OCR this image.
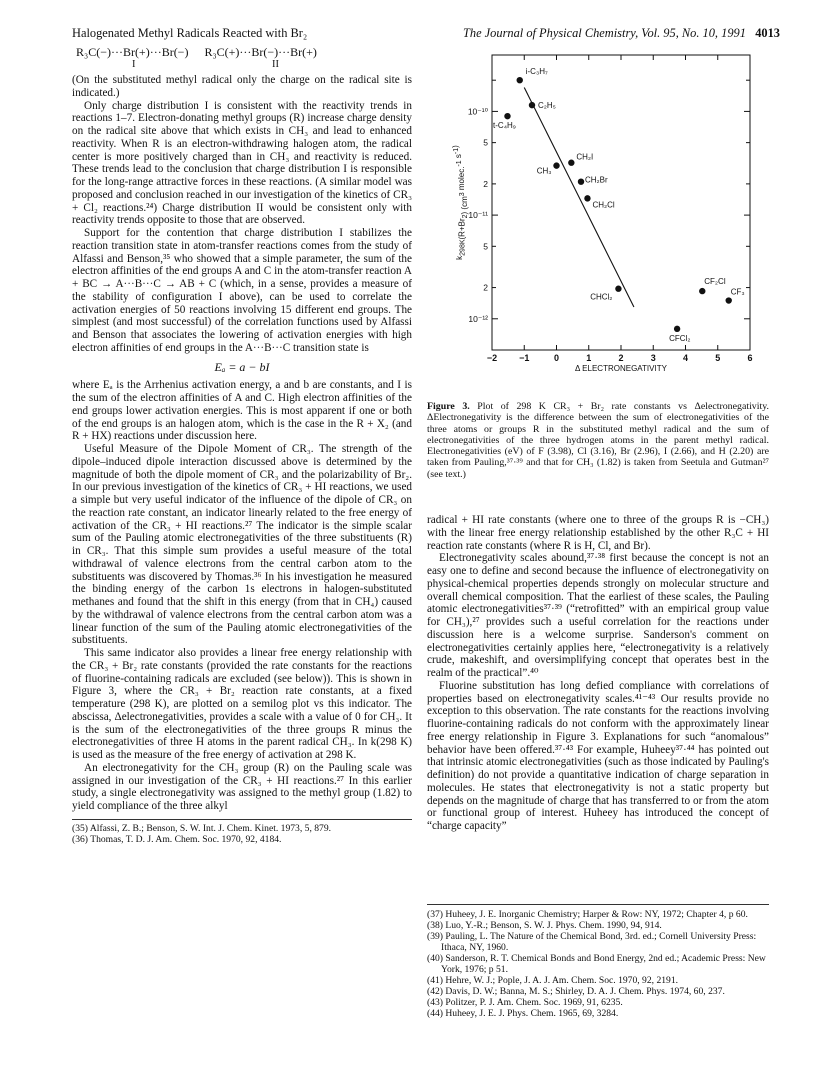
Halogenated Methyl Radicals Reacted with Br₂	The Journal of Physical Chemistry, Vol. 95, No. 10, 1991 4013
R₃C(−)···Br(+)···Br(−) R₃C(+)···Br(−)···Br(+)
I	II

(On the substituted methyl radical only the charge on the radical site is indicated.)

Only charge distribution I is consistent with the reactivity trends in reactions 1–7. Electron-donating methyl groups (R) increase charge density on the radical site above that which exists in CH₃ and lead to enhanced reactivity. When R is an electron-withdrawing halogen atom, the radical center is more positively charged than in CH₃ and reactivity is reduced. These trends lead to the conclusion that charge distribution I is responsible for the long-range attractive forces in these reactions. (A similar model was proposed and conclusion reached in our investigation of the kinetics of CR₃ + Cl₂ reactions.²⁴) Charge distribution II would be consistent only with reactivity trends opposite to those that are observed.

Support for the contention that charge distribution I stabilizes the reaction transition state in atom-transfer reactions comes from the study of Alfassi and Benson,³⁵ who showed that a simple parameter, the sum of the electron affinities of the end groups A and C in the atom-transfer reaction A + BC → A···B···C → AB + C (which, in a sense, provides a measure of the stability of configuration I above), can be used to correlate the activation energies of 50 reactions involving 15 different end groups. The simplest (and most successful) of the correlation functions used by Alfassi and Benson that associates the lowering of activation energies with high electron affinities of end groups in the A···B···C transition state is

Eₐ = a − bI

where Eₐ is the Arrhenius activation energy, a and b are constants, and I is the sum of the electron affinities of A and C. High electron affinities of the end groups lower activation energies. This is most apparent if one or both of the end groups is an halogen atom, which is the case in the R + X₂ (and R + HX) reactions under discussion here.

Useful Measure of the Dipole Moment of CR₃. The strength of the dipole–induced dipole interaction discussed above is determined by the magnitude of both the dipole moment of CR₃ and the polarizability of Br₂. In our previous investigation of the kinetics of CR₃ + HI reactions, we used a simple but very useful indicator of the influence of the dipole of CR₃ on the reaction rate constant, an indicator linearly related to the free energy of activation of the CR₃ + HI reactions.²⁷ The indicator is the simple scalar sum of the Pauling atomic electronegativities of the three substituents (R) in CR₃. That this simple sum provides a useful measure of the total withdrawal of valence electrons from the central carbon atom to the substituents was discovered by Thomas.³⁶ In his investigation he measured the binding energy of the carbon 1s electrons in halogen-substituted methanes and found that the shift in this energy (from that in CH₄) caused by the withdrawal of valence electrons from the central carbon atom was a linear function of the sum of the Pauling atomic electronegativities of the substituents.

This same indicator also provides a linear free energy relationship with the CR₃ + Br₂ rate constants (provided the rate constants for the reactions of fluorine-containing radicals are excluded (see below)). This is shown in Figure 3, where the CR₃ + Br₂ reaction rate constants, at a fixed temperature (298 K), are plotted on a semilog plot vs this indicator. The abscissa, Δelectronegativities, provides a scale with a value of 0 for CH₃. It is the sum of the electronegativities of the three groups R minus the electronegativities of three H atoms in the parent radical CH₃. In k(298 K) is used as the measure of the free energy of activation at 298 K.

An electronegativity for the CH₃ group (R) on the Pauling scale was assigned in our investigation of the CR₃ + HI reactions.²⁷ In this earlier study, a single electronegativity was assigned to the methyl group (1.82) to yield compliance of the three alkyl

(35) Alfassi, Z. B.; Benson, S. W. Int. J. Chem. Kinet. 1973, 5, 879.
(36) Thomas, T. D. J. Am. Chem. Soc. 1970, 92, 4184.
−2 −1	0	1	2	3	4	5	6
Δ ELECTRONEGATIVITY
10⁻¹⁰
5
2
10⁻¹¹
5
2
10⁻¹²
k298K(R+Br2) (cm3 molec.-1 s-1)
i-C₃H₇
C₂H₅
t-C₄H₉
CH₃
CH₂I
CH₂Br
CH₂Cl
CHCl₂
CF₂Cl
CF₃
CFCl₂
Figure 3. Plot of 298 K CR₃ + Br₂ rate constants vs Δelectronegativity. ΔElectronegativity is the difference between the sum of electronegativities of the three atoms or groups R in the substituted methyl radical and the sum of electronegativities of the three hydrogen atoms in the parent methyl radical. Electronegativities (eV) of F (3.98), Cl (3.16), Br (2.96), I (2.66), and H (2.20) are taken from Pauling,³⁷·³⁹ and that for CH₃ (1.82) is taken from Seetula and Gutman²⁷ (see text.)

radical + HI rate constants (where one to three of the groups R is −CH₃) with the linear free energy relationship established by the other R₃C + HI reaction rate constants (where R is H, Cl, and Br).

Electronegativity scales abound,³⁷·³⁸ first because the concept is not an easy one to define and second because the influence of electronegativity on physical-chemical properties depends strongly on molecular structure and overall chemical composition. That the earliest of these scales, the Pauling atomic electronegativities³⁷·³⁹ (“retrofitted” with an empirical group value for CH₃),²⁷ provides such a useful correlation for the reactions under discussion here is a welcome surprise. Sanderson's comment on electronegativities certainly applies here, “electronegativity is a relatively crude, makeshift, and oversimplifying concept that operates best in the realm of the practical”.⁴⁰

Fluorine substitution has long defied compliance with correlations of properties based on electronegativity scales.⁴¹⁻⁴³ Our results provide no exception to this observation. The rate constants for the reactions involving fluorine-containing radicals do not conform with the approximately linear free energy relationship in Figure 3. Explanations for such “anomalous” behavior have been offered.³⁷·⁴³ For example, Huheey³⁷·⁴⁴ has pointed out that intrinsic atomic electronegativities (such as those indicated by Pauling's definition) do not provide a quantitative indication of charge separation in molecules. He states that electronegativity is not a static property but depends on the magnitude of charge that has transferred to or from the atom or functional group of interest. Huheey has introduced the concept of “charge capacity”

(37) Huheey, J. E. Inorganic Chemistry; Harper & Row: NY, 1972; Chapter 4, p 60.
(38) Luo, Y.-R.; Benson, S. W. J. Phys. Chem. 1990, 94, 914.
(39) Pauling, L. The Nature of the Chemical Bond, 3rd. ed.; Cornell University Press: Ithaca, NY, 1960.
(40) Sanderson, R. T. Chemical Bonds and Bond Energy, 2nd ed.; Academic Press: New York, 1976; p 51.
(41) Hehre, W. J.; Pople, J. A. J. Am. Chem. Soc. 1970, 92, 2191.
(42) Davis, D. W.; Banna, M. S.; Shirley, D. A. J. Chem. Phys. 1974, 60, 237.
(43) Politzer, P. J. Am. Chem. Soc. 1969, 91, 6235.
(44) Huheey, J. E. J. Phys. Chem. 1965, 69, 3284.
